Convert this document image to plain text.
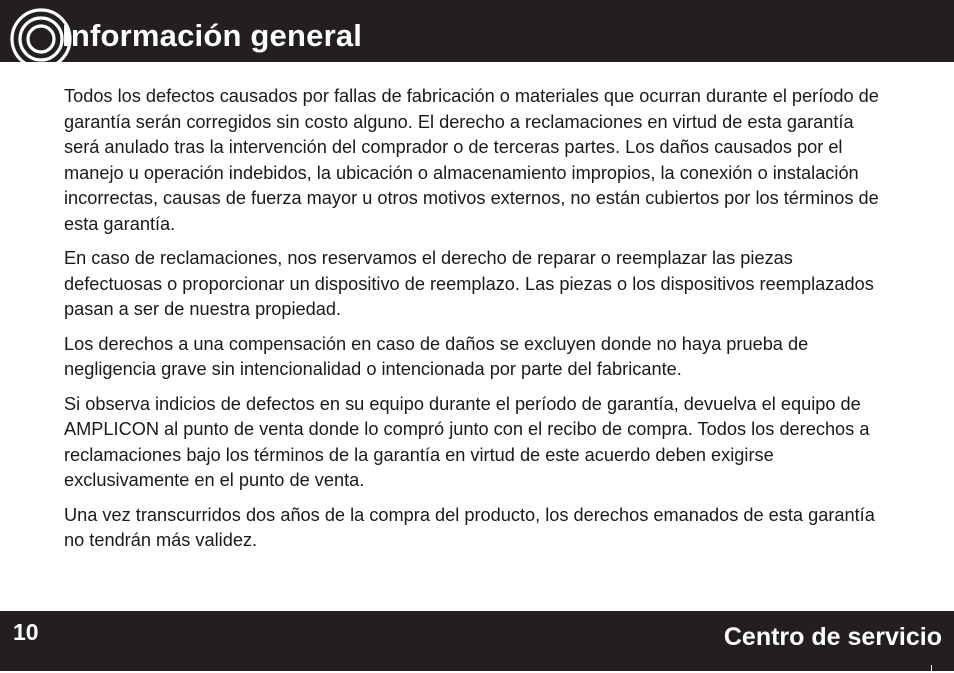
Información general

Todos los defectos causados por fallas de fabricación o materiales que ocurran durante el período de garantía serán corregidos sin costo alguno. El derecho a reclamaciones en virtud de esta garantía será anulado tras la intervención del comprador o de terceras partes. Los daños causados por el manejo u operación indebidos, la ubicación o almacenamiento impropios, la conexión o instalación incorrectas, causas de fuerza mayor u otros motivos externos, no están cubiertos por los términos de esta garantía.

En caso de reclamaciones, nos reservamos el derecho de reparar o reemplazar las piezas defectuosas o proporcionar un dispositivo de reemplazo. Las piezas o los dispositivos reemplazados pasan a ser de nuestra propiedad.

Los derechos a una compensación en caso de daños se excluyen donde no haya prueba de negligencia grave sin intencionalidad o intencionada por parte del fabricante.

Si observa indicios de defectos en su equipo durante el período de garantía, devuelva el equipo de AMPLICON al punto de venta donde lo compró junto con el recibo de compra. Todos los derechos a reclamaciones bajo los términos de la garantía en virtud de este acuerdo deben exigirse exclusivamente en el punto de venta.

Una vez transcurridos dos años de la compra del producto, los derechos emanados de esta garantía no tendrán más validez.

10	Centro de servicio
